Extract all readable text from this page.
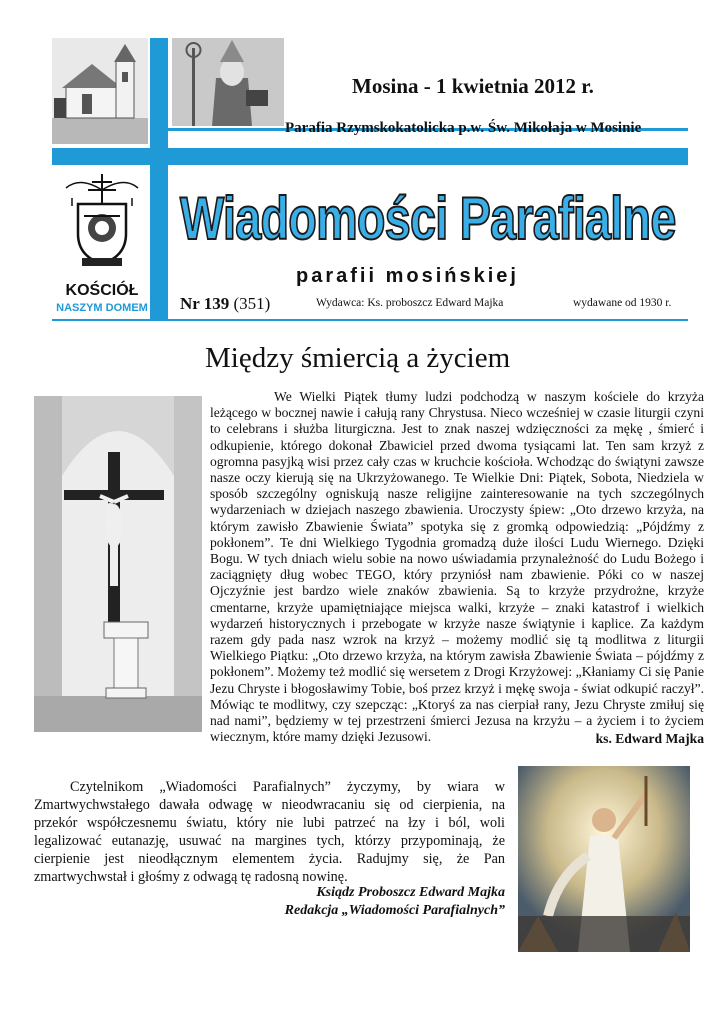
Mosina - 1 kwietnia 2012 r.
Parafia Rzymskokatolicka p.w. Św. Mikołaja w Mosinie
Wiadomości Parafialne
parafii mosińskiej
KOŚCIÓŁ
NASZYM DOMEM Nr 139 (351)	Wydawca: Ks. proboszcz Edward Majka	wydawane od 1930 r.
Między śmiercią a życiem

We Wielki Piątek tłumy ludzi podchodzą w naszym kościele do krzyża leżącego w bocznej nawie i całują rany Chrystusa. Nieco wcześniej w czasie liturgii czyni to celebrans i służba liturgiczna. Jest to znak naszej wdzięczności za mękę , śmierć i odkupienie, którego dokonał Zbawiciel przed dwoma tysiącami lat. Ten sam krzyż z ogromna pasyjką wisi przez cały czas w kruchcie kościoła. Wchodząc do świątyni zawsze nasze oczy kierują się na Ukrzyżowanego. Te Wielkie Dni: Piątek, Sobota, Niedziela w sposób szczególny ogniskują nasze religijne zainteresowanie na tych szczególnych wydarzeniach w dziejach naszego zbawienia. Uroczysty śpiew: „Oto drzewo krzyża, na którym zawisło Zbawienie Świata” spotyka się z gromką odpowiedzią: „Pójdźmy z pokłonem”. Te dni Wielkiego Tygodnia gromadzą duże ilości Ludu Wiernego. Dzięki Bogu. W tych dniach wielu sobie na nowo uświadamia przynależność do Ludu Bożego i zaciągnięty dług wobec TEGO, który przyniósł nam zbawienie. Póki co w naszej Ojczyźnie jest bardzo wiele znaków zbawienia. Są to krzyże przydrożne, krzyże cmentarne, krzyże upamiętniające miejsca walki, krzyże – znaki katastrof i wielkich wydarzeń historycznych i przebogate w krzyże nasze świątynie i kaplice. Za każdym razem gdy pada nasz wzrok na krzyż – możemy modlić się tą modlitwa z liturgii Wielkiego Piątku: „Oto drzewo krzyża, na którym zawisła Zbawienie Świata – pójdźmy z pokłonem”. Możemy też modlić się wersetem z Drogi Krzyżowej: „Kłaniamy Ci się Panie Jezu Chryste i błogosławimy Tobie, boś przez krzyż i mękę swoja - świat odkupić raczył”. Mówiąc te modlitwy, czy szepcząc: „Ktoryś za nas cierpiał rany, Jezu Chryste zmiłuj się nad nami”, będziemy w tej przestrzeni śmierci Jezusa na krzyżu – a życiem i to życiem wiecznym, które mamy dzięki Jezusowi.	ks. Edward Majka

Czytelnikom „Wiadomości Parafialnych” życzymy, by wiara w Zmartwychwstałego dawała odwagę w nieodwracaniu się od cierpienia, na przekór współczesnemu światu, który nie lubi patrzeć na łzy i ból, woli legalizować eutanazję, usuwać na margines tych, którzy przypominają, że cierpienie jest nieodłącznym elementem życia. Radujmy się, że Pan zmartwychwstał i głośmy z odwagą tę radosną nowinę.

Ksiądz Proboszcz Edward Majka
Redakcja „Wiadomości Parafialnych”
